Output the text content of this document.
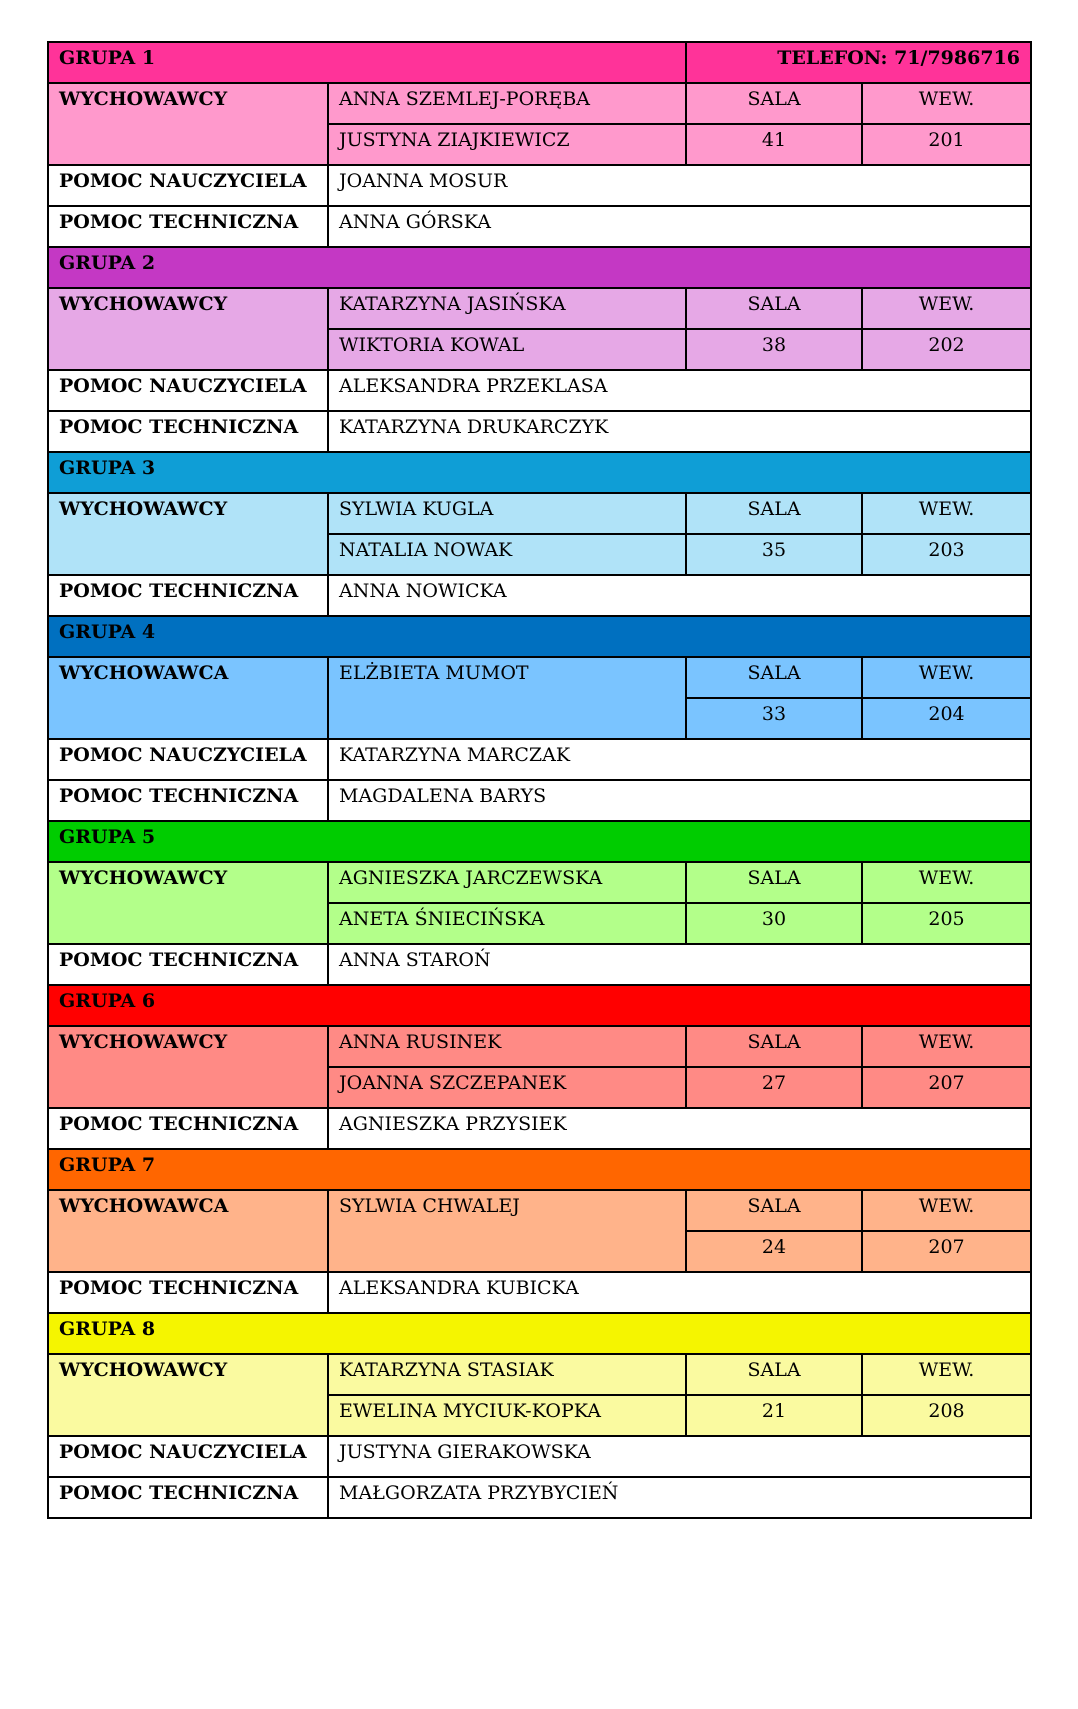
GRUPA 1		TELEFON: 71/7986716	
WYCHOWAWCY	ANNA SZEMLEJ-PORĘBA	SALA	WEW.
	JUSTYNA ZIAJKIEWICZ	41	201
POMOC NAUCZYCIELA	JOANNA MOSUR		
POMOC TECHNICZNA	ANNA GÓRSKA		
GRUPA 2			
WYCHOWAWCY	KATARZYNA JASIŃSKA	SALA	WEW.
	WIKTORIA KOWAL	38	202
POMOC NAUCZYCIELA	ALEKSANDRA PRZEKLASA		
POMOC TECHNICZNA	KATARZYNA DRUKARCZYK		
GRUPA 3			
WYCHOWAWCY	SYLWIA KUGLA	SALA	WEW.
	NATALIA NOWAK	35	203
POMOC TECHNICZNA	ANNA NOWICKA		
GRUPA 4			
WYCHOWAWCA	ELŻBIETA MUMOT	SALA	WEW.
		33	204
POMOC NAUCZYCIELA	KATARZYNA MARCZAK		
POMOC TECHNICZNA	MAGDALENA BARYS		
GRUPA 5			
WYCHOWAWCY	AGNIESZKA JARCZEWSKA	SALA	WEW.
	ANETA ŚNIECIŃSKA	30	205
POMOC TECHNICZNA	ANNA STAROŃ		
GRUPA 6			
WYCHOWAWCY	ANNA RUSINEK	SALA	WEW.
	JOANNA SZCZEPANEK	27	207
POMOC TECHNICZNA	AGNIESZKA PRZYSIEK		
GRUPA 7			
WYCHOWAWCA	SYLWIA CHWALEJ	SALA	WEW.
		24	207
POMOC TECHNICZNA	ALEKSANDRA KUBICKA		
GRUPA 8			
WYCHOWAWCY	KATARZYNA STASIAK	SALA	WEW.
	EWELINA MYCIUK-KOPKA	21	208
POMOC NAUCZYCIELA	JUSTYNA GIERAKOWSKA		
POMOC TECHNICZNA	MAŁGORZATA PRZYBYCIEŃ		
